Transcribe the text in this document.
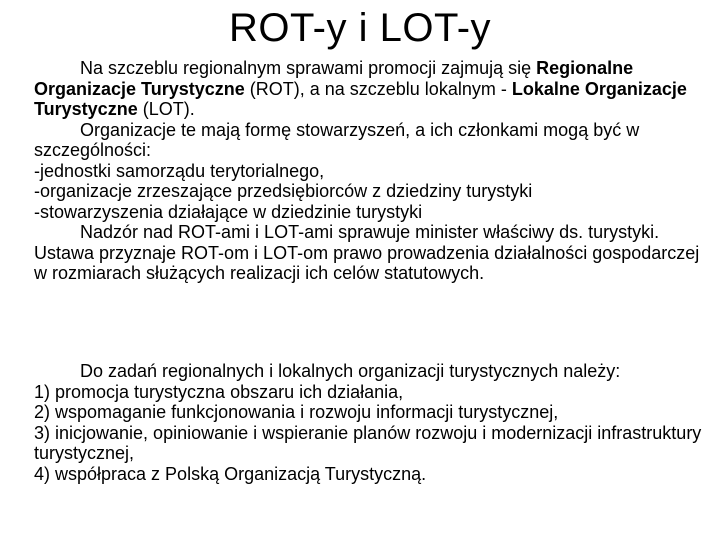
ROT-y i LOT-y

Na szczeblu regionalnym sprawami promocji zajmują się Regionalne Organizacje Turystyczne (ROT), a na szczeblu lokalnym - Lokalne Organizacje Turystyczne (LOT).

Organizacje te mają formę stowarzyszeń, a ich członkami mogą być w szczególności:

-jednostki samorządu terytorialnego,

-organizacje zrzeszające przedsiębiorców z dziedziny turystyki

-stowarzyszenia działające w dziedzinie turystyki

Nadzór nad ROT-ami i LOT-ami sprawuje minister właściwy ds. turystyki. Ustawa przyznaje ROT-om i LOT-om prawo prowadzenia działalności gospodarczej w rozmiarach służących realizacji ich celów statutowych.

Do zadań regionalnych i lokalnych organizacji turystycznych należy:

1) promocja turystyczna obszaru ich działania,

2) wspomaganie funkcjonowania i rozwoju informacji turystycznej,

3) inicjowanie, opiniowanie i wspieranie planów rozwoju i modernizacji infrastruktury turystycznej,

4) współpraca z Polską Organizacją Turystyczną.
